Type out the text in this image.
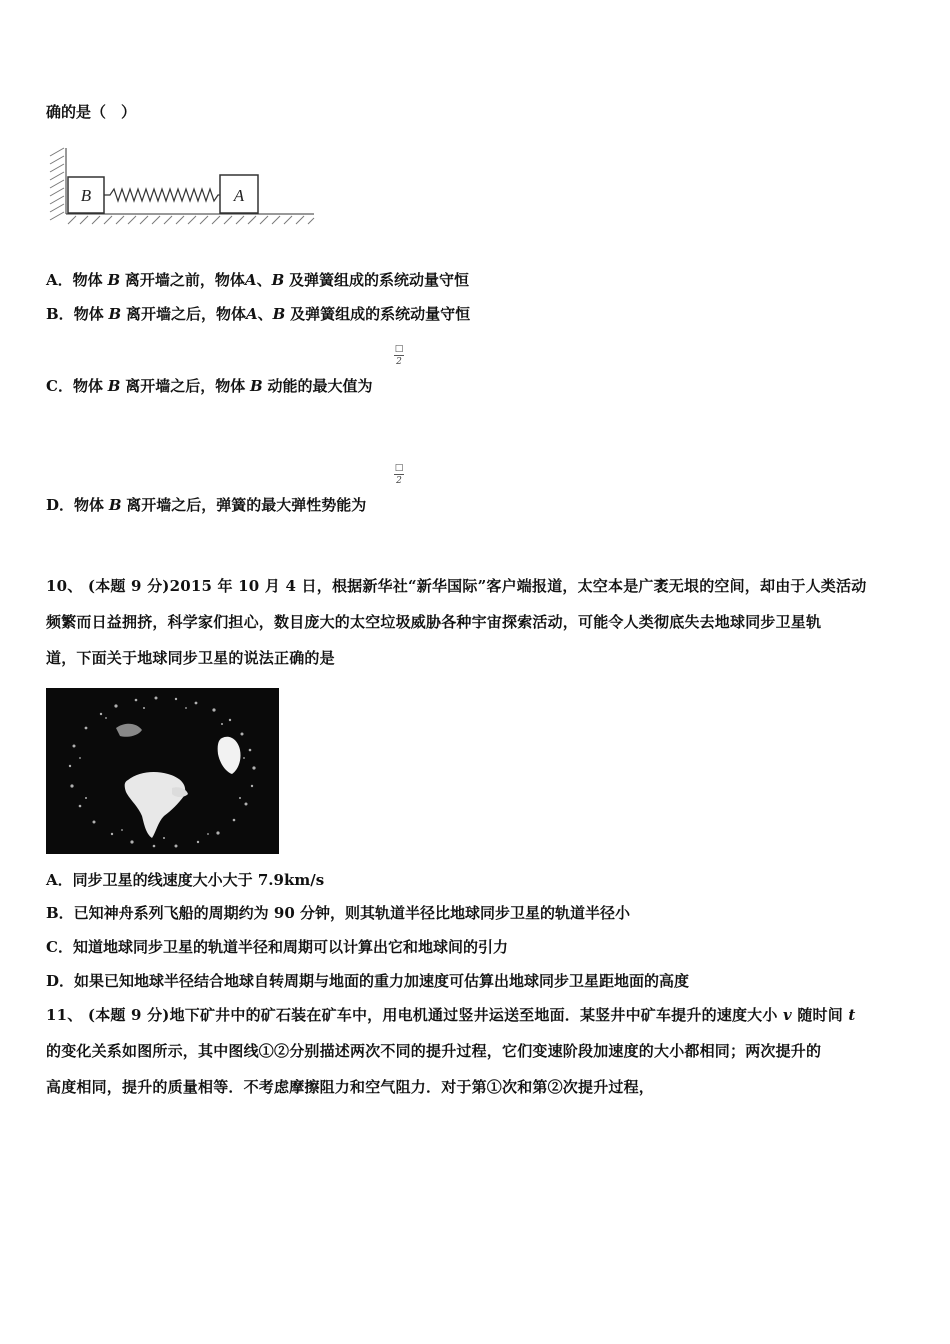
确的是（　）
B	A
A．物体 B 离开墙之前，物体A、B 及弹簧组成的系统动量守恒
B．物体 B 离开墙之后，物体A、B 及弹簧组成的系统动量守恒
□
2
C．物体 B 离开墙之后，物体 B 动能的最大值为
□
2
D．物体 B 离开墙之后，弹簧的最大弹性势能为
10、 (本题 9 分)2015 年 10 月 4 日，根据新华社“新华国际”客户端报道，太空本是广袤无垠的空间，却由于人类活动
频繁而日益拥挤，科学家们担心，数目庞大的太空垃圾威胁各种宇宙探索活动，可能令人类彻底失去地球同步卫星轨
道，下面关于地球同步卫星的说法正确的是
A．同步卫星的线速度大小大于 7.9km/s
B．已知神舟系列飞船的周期约为 90 分钟，则其轨道半径比地球同步卫星的轨道半径小
C．知道地球同步卫星的轨道半径和周期可以计算出它和地球间的引力
D．如果已知地球半径结合地球自转周期与地面的重力加速度可估算出地球同步卫星距地面的高度
11、 (本题 9 分)地下矿井中的矿石装在矿车中，用电机通过竖井运送至地面．某竖井中矿车提升的速度大小 v 随时间 t
的变化关系如图所示，其中图线①②分别描述两次不同的提升过程，它们变速阶段加速度的大小都相同；两次提升的
高度相同，提升的质量相等．不考虑摩擦阻力和空气阻力．对于第①次和第②次提升过程，
